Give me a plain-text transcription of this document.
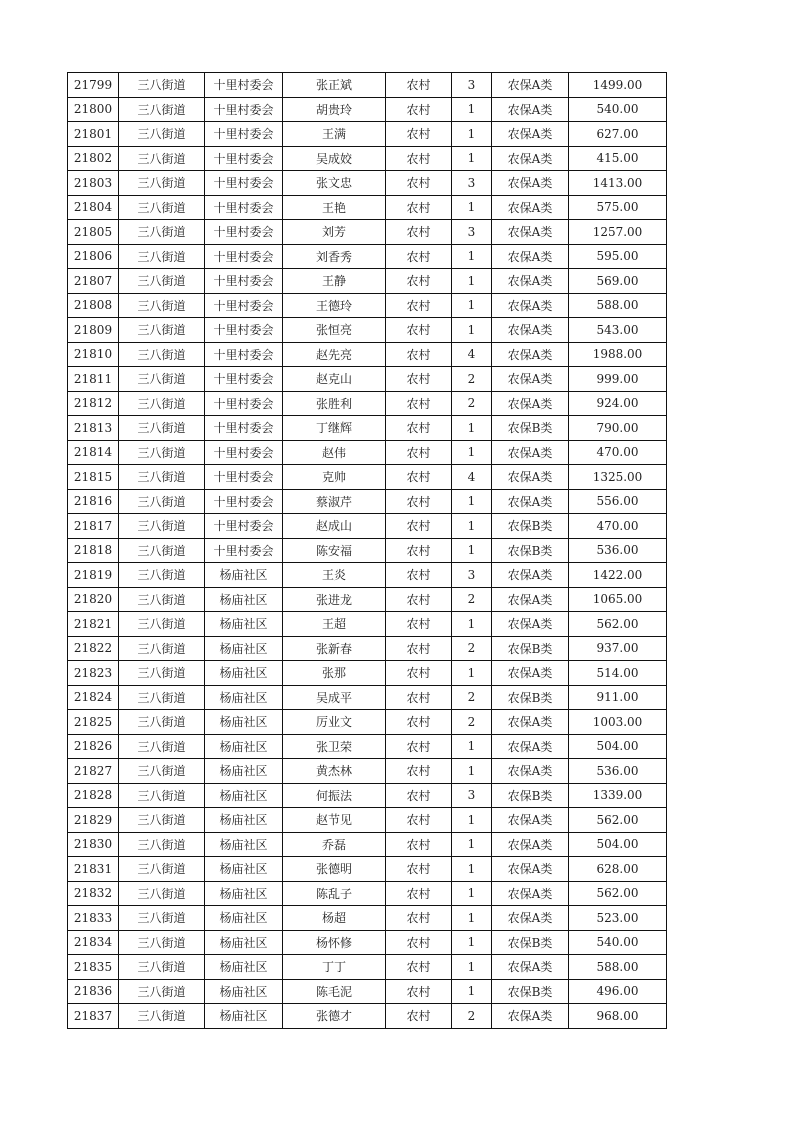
21799	三八街道	十里村委会	张正斌	农村	3	农保A类	1499.00
21800	三八街道	十里村委会	胡贵玲	农村	1	农保A类	540.00
21801	三八街道	十里村委会	王满	农村	1	农保A类	627.00
21802	三八街道	十里村委会	吴成姣	农村	1	农保A类	415.00
21803	三八街道	十里村委会	张文忠	农村	3	农保A类	1413.00
21804	三八街道	十里村委会	王艳	农村	1	农保A类	575.00
21805	三八街道	十里村委会	刘芳	农村	3	农保A类	1257.00
21806	三八街道	十里村委会	刘香秀	农村	1	农保A类	595.00
21807	三八街道	十里村委会	王静	农村	1	农保A类	569.00
21808	三八街道	十里村委会	王德玲	农村	1	农保A类	588.00
21809	三八街道	十里村委会	张恒亮	农村	1	农保A类	543.00
21810	三八街道	十里村委会	赵先亮	农村	4	农保A类	1988.00
21811	三八街道	十里村委会	赵克山	农村	2	农保A类	999.00
21812	三八街道	十里村委会	张胜利	农村	2	农保A类	924.00
21813	三八街道	十里村委会	丁继辉	农村	1	农保B类	790.00
21814	三八街道	十里村委会	赵伟	农村	1	农保A类	470.00
21815	三八街道	十里村委会	克帅	农村	4	农保A类	1325.00
21816	三八街道	十里村委会	蔡淑芹	农村	1	农保A类	556.00
21817	三八街道	十里村委会	赵成山	农村	1	农保B类	470.00
21818	三八街道	十里村委会	陈安福	农村	1	农保B类	536.00
21819	三八街道	杨庙社区	王炎	农村	3	农保A类	1422.00
21820	三八街道	杨庙社区	张进龙	农村	2	农保A类	1065.00
21821	三八街道	杨庙社区	王超	农村	1	农保A类	562.00
21822	三八街道	杨庙社区	张新春	农村	2	农保B类	937.00
21823	三八街道	杨庙社区	张那	农村	1	农保A类	514.00
21824	三八街道	杨庙社区	吴成平	农村	2	农保B类	911.00
21825	三八街道	杨庙社区	厉业文	农村	2	农保A类	1003.00
21826	三八街道	杨庙社区	张卫荣	农村	1	农保A类	504.00
21827	三八街道	杨庙社区	黄杰林	农村	1	农保A类	536.00
21828	三八街道	杨庙社区	何振法	农村	3	农保B类	1339.00
21829	三八街道	杨庙社区	赵节见	农村	1	农保A类	562.00
21830	三八街道	杨庙社区	乔磊	农村	1	农保A类	504.00
21831	三八街道	杨庙社区	张德明	农村	1	农保A类	628.00
21832	三八街道	杨庙社区	陈乱子	农村	1	农保A类	562.00
21833	三八街道	杨庙社区	杨超	农村	1	农保A类	523.00
21834	三八街道	杨庙社区	杨怀修	农村	1	农保B类	540.00
21835	三八街道	杨庙社区	丁丁	农村	1	农保A类	588.00
21836	三八街道	杨庙社区	陈毛泥	农村	1	农保B类	496.00
21837	三八街道	杨庙社区	张德才	农村	2	农保A类	968.00
